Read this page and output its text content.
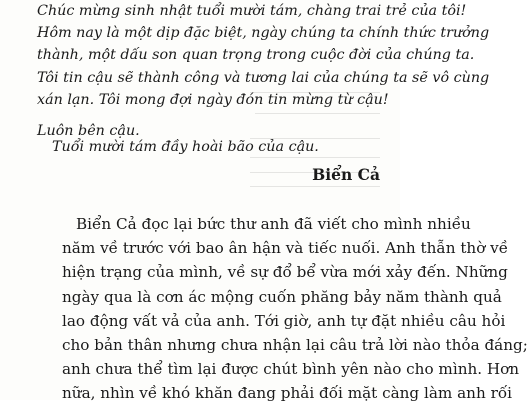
Chúc mừng sinh nhật tuổi mười tám, chàng trai trẻ của tôi!
Hôm nay là một dịp đặc biệt, ngày chúng ta chính thức trưởng
thành, một dấu son quan trọng trong cuộc đời của chúng ta.
Tôi tin cậu sẽ thành công và tương lai của chúng ta sẽ vô cùng
xán lạn. Tôi mong đợi ngày đón tin mừng từ cậu!
Luôn bên cậu.
Tuổi mười tám đầy hoài bão của cậu.
Biển Cả
Biển Cả đọc lại bức thư anh đã viết cho mình nhiều
năm về trước với bao ân hận và tiếc nuối. Anh thẫn thờ về
hiện trạng của mình, về sự đổ bể vừa mới xảy đến. Những
ngày qua là cơn ác mộng cuốn phăng bảy năm thành quả
lao động vất vả của anh. Tới giờ, anh tự đặt nhiều câu hỏi
cho bản thân nhưng chưa nhận lại câu trả lời nào thỏa đáng;
anh chưa thể tìm lại được chút bình yên nào cho mình. Hơn
nữa, nhìn về khó khăn đang phải đối mặt càng làm anh rối
